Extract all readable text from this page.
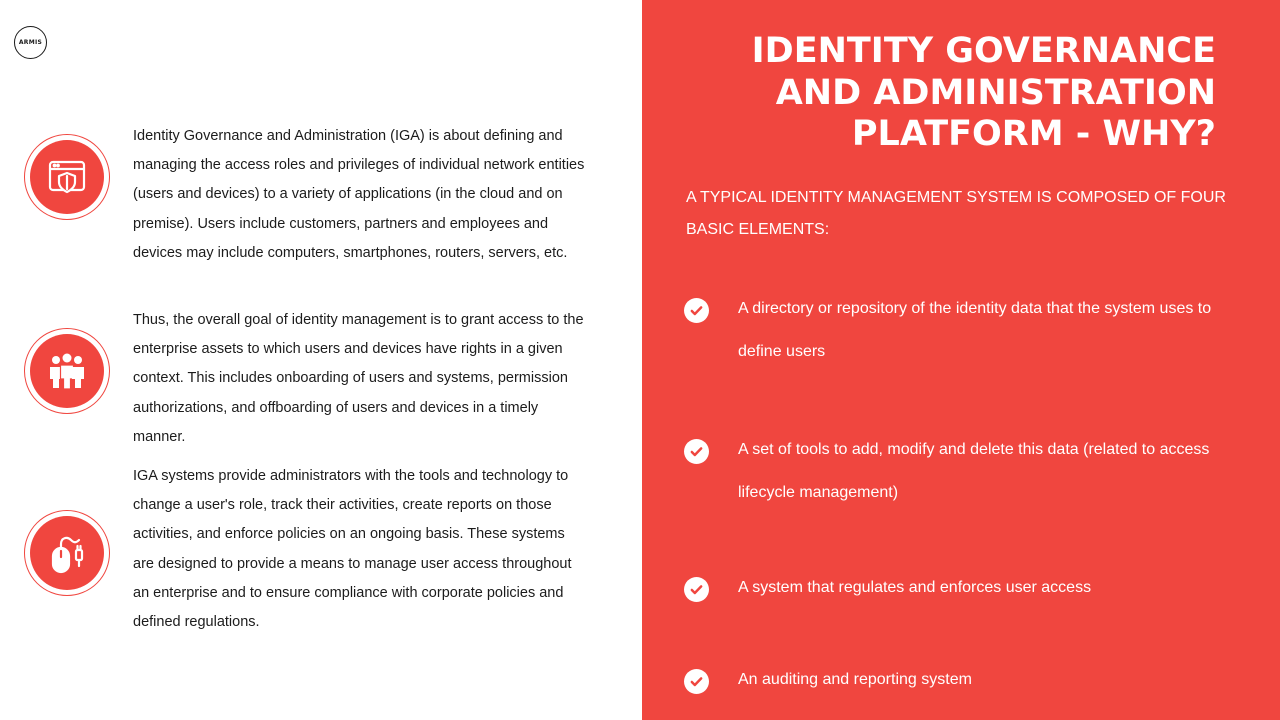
ARMIS

Identity Governance and Administration (IGA) is about defining and managing the access roles and privileges of individual network entities (users and devices) to a variety of applications (in the cloud and on premise). Users include customers, partners and employees and devices may include computers, smartphones, routers, servers, etc.

Thus, the overall goal of identity management is to grant access to the enterprise assets to which users and devices have rights in a given context. This includes onboarding of users and systems, permission authorizations, and offboarding of users and devices in a timely manner.

IGA systems provide administrators with the tools and technology to change a user's role, track their activities, create reports on those activities, and enforce policies on an ongoing basis. These systems are designed to provide a means to manage user access throughout an enterprise and to ensure compliance with corporate policies and defined regulations.

IDENTITY GOVERNANCE AND ADMINISTRATION PLATFORM - WHY?

A TYPICAL IDENTITY MANAGEMENT SYSTEM IS COMPOSED OF FOUR BASIC ELEMENTS:

A directory or repository of the identity data that the system uses to define users
A set of tools to add, modify and delete this data (related to access lifecycle management)
A system that regulates and enforces user access
An auditing and reporting system
